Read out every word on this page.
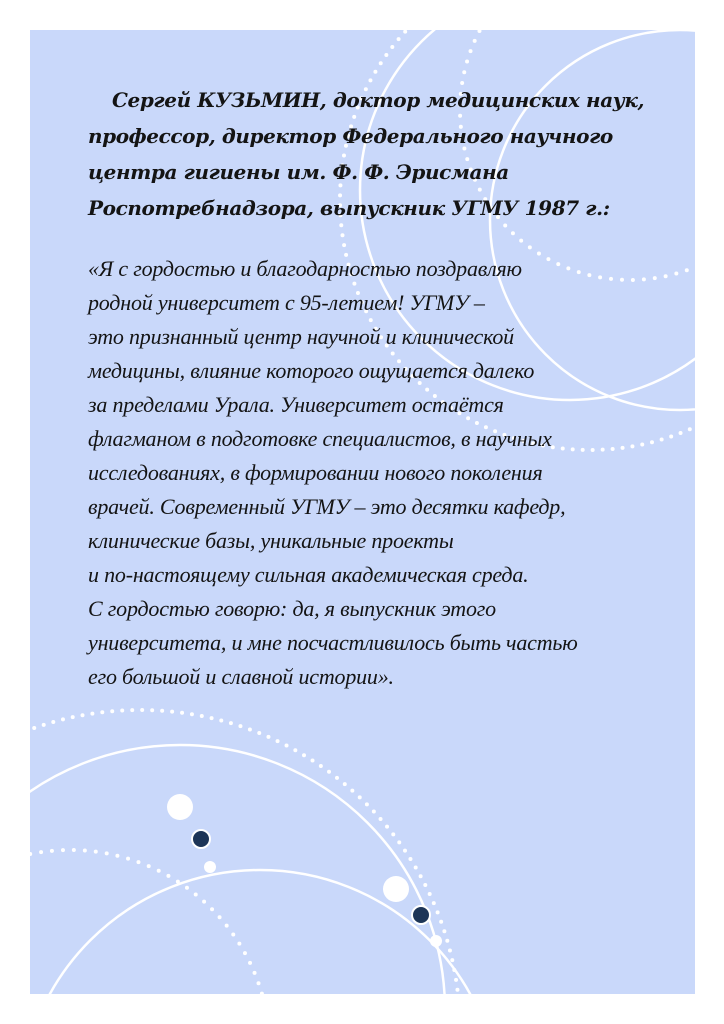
Сергей КУЗЬМИН, доктор медицинских наук, профессор, директор Федерального научного центра гигиены им. Ф. Ф. Эрисмана Роспотребнадзора, выпускник УГМУ 1987 г.:

«Я с гордостью и благодарностью поздравляю
родной университет с 95-летием! УГМУ –
это признанный центр научной и клинической
медицины, влияние которого ощущается далеко
за пределами Урала. Университет остаётся
флагманом в подготовке специалистов, в научных
исследованиях, в формировании нового поколения
врачей. Современный УГМУ – это десятки кафедр,
клинические базы, уникальные проекты
и по-настоящему сильная академическая среда.
С гордостью говорю: да, я выпускник этого
университета, и мне посчастливилось быть частью
его большой и славной истории».
